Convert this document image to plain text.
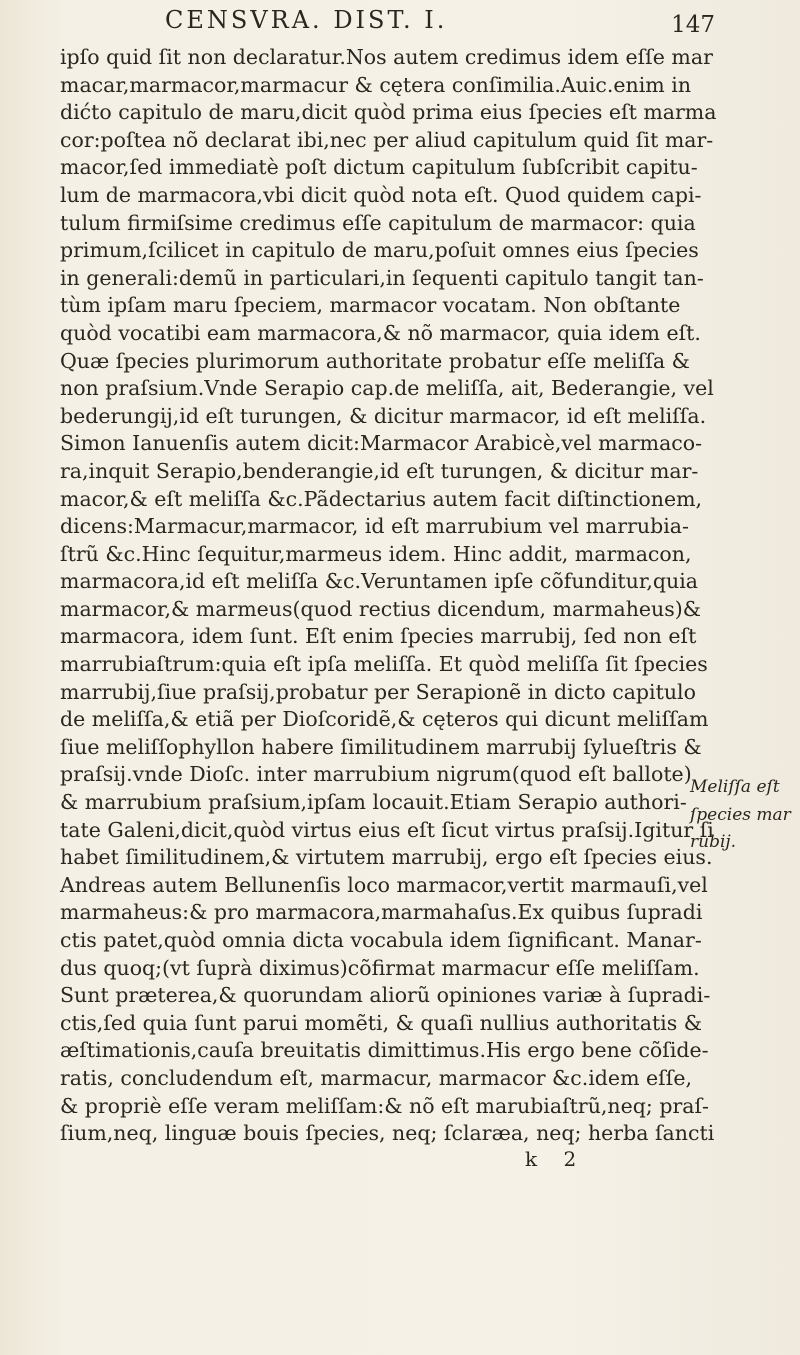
CENSVRA. DIST. I.	147
ipſo quid ſit non declaratur.Nos autem credimus idem eſſe mar
macar,marmacor,marmacur & cętera conſimilia.Auic.enim in
dićto capitulo de maru,dicit quòd prima eius ſpecies eſt marma
cor:poſtea nõ declarat ibi,nec per aliud capitulum quid ſit mar-
macor,ſed immediatè poſt dictum capitulum ſubſcribit capitu-
lum de marmacora,vbi dicit quòd nota eſt. Quod quidem capi-
tulum firmiſsime credimus eſſe capitulum de marmacor: quia
primum,ſcilicet in capitulo de maru,poſuit omnes eius ſpecies
in generali:demũ in particulari,in ſequenti capitulo tangit tan-
tùm ipſam maru ſpeciem, marmacor vocatam. Non obſtante
quòd vocatibi eam marmacora,& nõ marmacor, quia idem eſt.
Quæ ſpecies plurimorum authoritate probatur eſſe meliſſa &
non praſsium.Vnde Serapio cap.de meliſſa, ait, Bederangie, vel
bederungij,id eſt turungen, & dicitur marmacor, id eſt meliſſa.
Simon Ianuenſis autem dicit:Marmacor Arabicè,vel marmaco-
ra,inquit Serapio,benderangie,id eſt turungen, & dicitur mar-
macor,& eſt meliſſa &c.Pãdectarius autem facit diſtinctionem,
dicens:Marmacur,marmacor, id eſt marrubium vel marrubia-
ſtrũ &c.Hinc ſequitur,marmeus idem. Hinc addit, marmacon,
marmacora,id eſt meliſſa &c.Veruntamen ipſe cõfunditur,quia
marmacor,& marmeus(quod rectius dicendum, marmaheus)&
marmacora, idem ſunt. Eſt enim ſpecies marrubij, ſed non eſt
marrubiaſtrum:quia eſt ipſa meliſſa. Et quòd meliſſa ſit ſpecies
marrubij,ſiue praſsij,probatur per Serapionẽ in dicto capitulo
de meliſſa,& etiã per Dioſcoridẽ,& cęteros qui dicunt meliſſam
ſiue meliſſophyllon habere ſimilitudinem marrubij ſylueſtris &
praſsij.vnde Dioſc. inter marrubium nigrum(quod eſt ballote)
& marrubium praſsium,ipſam locauit.Etiam Serapio authori-
tate Galeni,dicit,quòd virtus eius eſt ſicut virtus praſsij.Igitur ſi
habet ſimilitudinem,& virtutem marrubij, ergo eſt ſpecies eius.
Andreas autem Bellunenſis loco marmacor,vertit marmauſi,vel
marmaheus:& pro marmacora,marmahaſus.Ex quibus ſupradi
ctis patet,quòd omnia dicta vocabula idem ſignificant. Manar-
dus quoq;(vt ſuprà diximus)cõfirmat marmacur eſſe meliſſam.
Sunt præterea,& quorundam aliorũ opiniones variæ à ſupradi-
ctis,ſed quia ſunt parui momẽti, & quaſi nullius authoritatis &
æſtimationis,cauſa breuitatis dimittimus.His ergo bene cõſide-
ratis, concludendum eſt, marmacur, marmacor &c.idem eſſe,
& propriè eſſe veram meliſſam:& nõ eſt marubiaſtrũ,neq; praſ-
ſium,neq, linguæ bouis ſpecies, neq; ſclaræa, neq; herba ſancti
Meliſſa eſt
ſpecies mar
rubij.
k 2
